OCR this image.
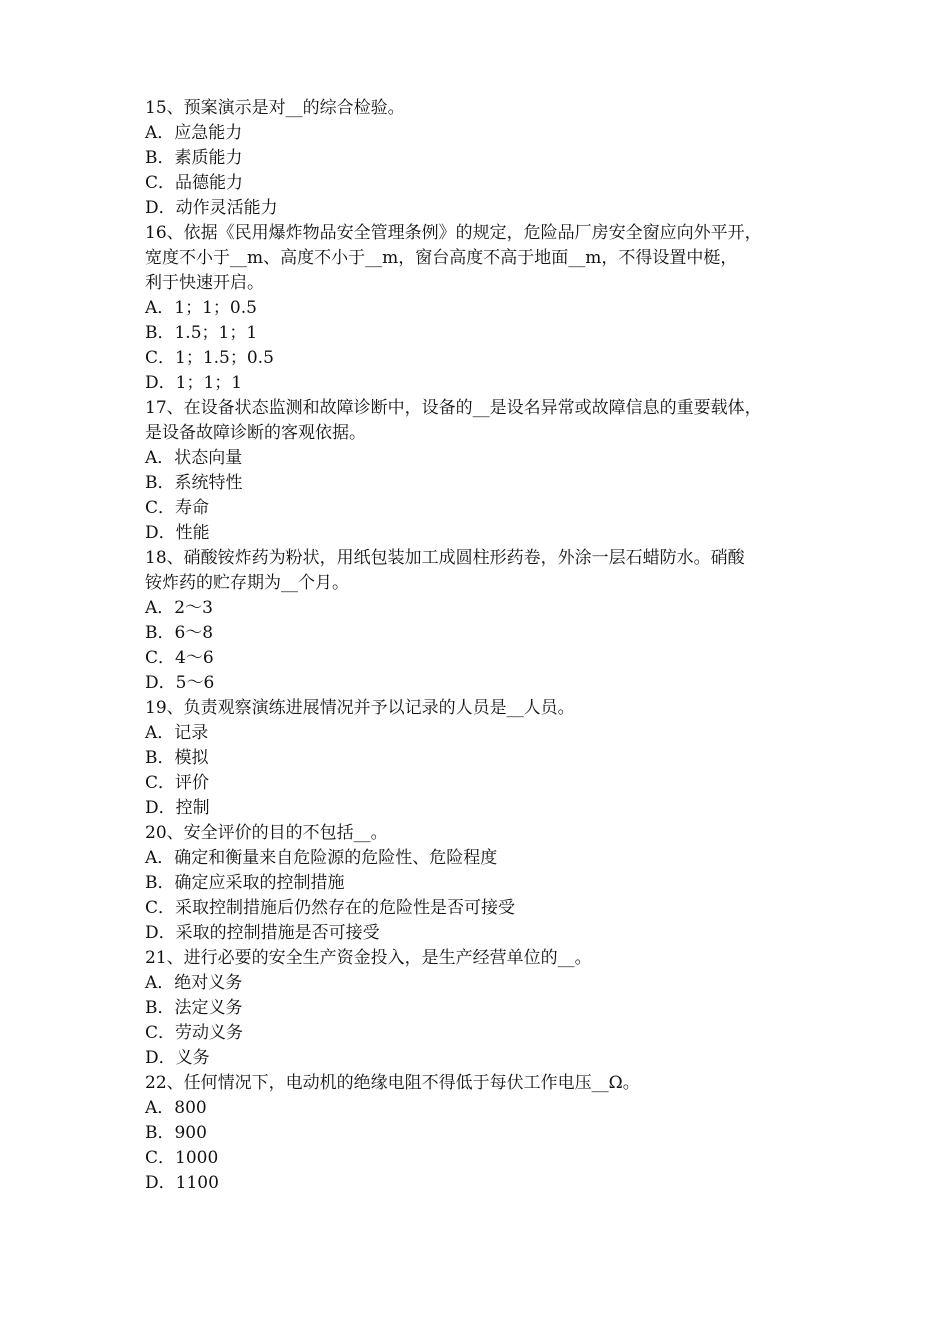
15、预案演示是对__的综合检验。
A．应急能力
B．素质能力
C．品德能力
D．动作灵活能力
16、依据《民用爆炸物品安全管理条例》的规定，危险品厂房安全窗应向外平开，
宽度不小于__m、高度不小于__m，窗台高度不高于地面__m，不得设置中梃，
利于快速开启。
A．1；1；0.5
B．1.5；1；1
C．1；1.5；0.5
D．1；1；1
17、在设备状态监测和故障诊断中，设备的__是设名异常或故障信息的重要载体，
是设备故障诊断的客观依据。
A．状态向量
B．系统特性
C．寿命
D．性能
18、硝酸铵炸药为粉状，用纸包装加工成圆柱形药卷，外涂一层石蜡防水。硝酸
铵炸药的贮存期为__个月。
A．2～3
B．6～8
C．4～6
D．5～6
19、负责观察演练进展情况并予以记录的人员是__人员。
A．记录
B．模拟
C．评价
D．控制
20、安全评价的目的不包括__。
A．确定和衡量来自危险源的危险性、危险程度
B．确定应采取的控制措施
C．采取控制措施后仍然存在的危险性是否可接受
D．采取的控制措施是否可接受
21、进行必要的安全生产资金投入，是生产经营单位的__。
A．绝对义务
B．法定义务
C．劳动义务
D．义务
22、任何情况下，电动机的绝缘电阻不得低于每伏工作电压__Ω。
A．800
B．900
C．1000
D．1100
